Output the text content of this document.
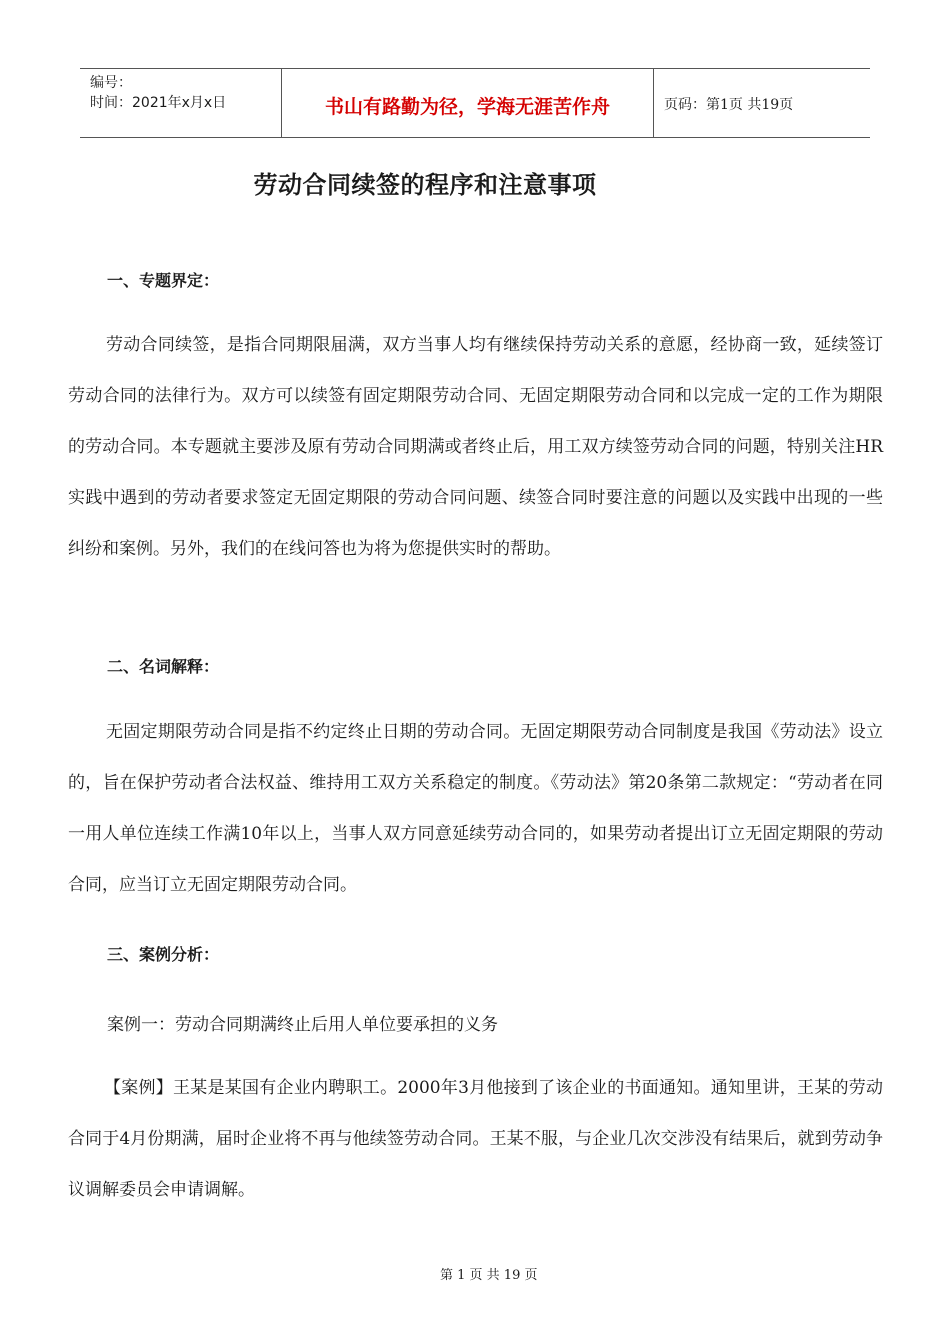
编号：
时间：2021年x月x日	书山有路勤为径，学海无涯苦作舟	页码：第1页 共19页
劳动合同续签的程序和注意事项
一、专题界定：

劳动合同续签，是指合同期限届满，双方当事人均有继续保持劳动关系的意愿，经协商一致，延续签订劳动合同的法律行为。双方可以续签有固定期限劳动合同、无固定期限劳动合同和以完成一定的工作为期限的劳动合同。本专题就主要涉及原有劳动合同期满或者终止后，用工双方续签劳动合同的问题，特别关注HR实践中遇到的劳动者要求签定无固定期限的劳动合同问题、续签合同时要注意的问题以及实践中出现的一些纠纷和案例。另外，我们的在线问答也为将为您提供实时的帮助。

二、名词解释：

无固定期限劳动合同是指不约定终止日期的劳动合同。无固定期限劳动合同制度是我国《劳动法》设立的，旨在保护劳动者合法权益、维持用工双方关系稳定的制度。《劳动法》第20条第二款规定：“劳动者在同一用人单位连续工作满10年以上，当事人双方同意延续劳动合同的，如果劳动者提出订立无固定期限的劳动合同，应当订立无固定期限劳动合同。

三、案例分析：
案例一：劳动合同期满终止后用人单位要承担的义务

【案例】王某是某国有企业内聘职工。2000年3月他接到了该企业的书面通知。通知里讲，王某的劳动合同于4月份期满，届时企业将不再与他续签劳动合同。王某不服，与企业几次交涉没有结果后，就到劳动争议调解委员会申请调解。

第 1 页 共 19 页
